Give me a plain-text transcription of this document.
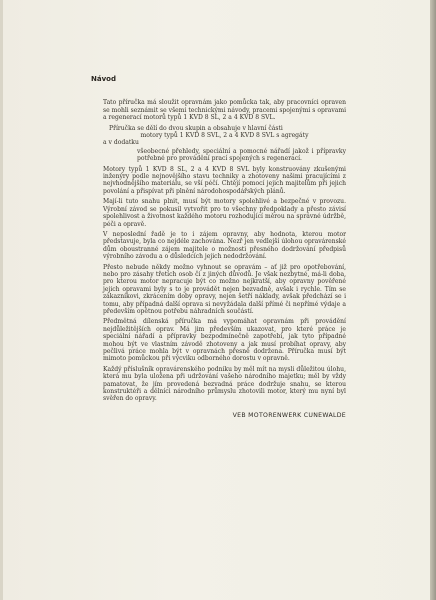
Návod

Tato příručka má sloužit opravnám jako pomůcka tak, aby pracovníci opraven se mohli seznámit se všemi technickými návody, pracemi spojenými s opravami a regenerací motorů typů 1 KVD 8 SL, 2 a 4 KVD 8 SVL.

Příručka se dělí do dvou skupin a obsahuje v hlavní části

motory typů 1 KVD 8 SVL, 2 a 4 KVD 8 SVL s agregáty

a v dodatku

všeobecné přehledy, speciální a pomocné nářadí jakož i přípravky potřebné pro provádění prací spojených s regenerací.

Motory typů 1 KVD 8 SL, 2 a 4 KVD 8 SVL byly konstruovány zkušenými inženýry podle nejnovějšího stavu techniky a zhotoveny našimi pracujícími z nejvhodnějšího materiálu, se vší péčí. Chtějí pomocí jejich majitelům při jejich povolání a přispívat při plnění národohospodářských plánů.

Mají-li tuto snahu plnit, musí být motory spolehlivé a bezpečné v provozu. Výrobní závod se pokusil vytvořit pro to všechny předpoklady a přesto závisí spolehlivost a životnost každého motoru rozhodující měrou na správné údržbě, péči a opravě.

V neposlední řadě je to i zájem opravny, aby hodnota, kterou motor představuje, byla co nejdéle zachována. Nezř jen vedlejší úlohou opravárenské dům oboustranné zájem majitele o možnosti přesného dodržování předpisů výrobního závodu a o důsledcích jejich nedodržování.

Přesto nebude někdy možno vyhnout se opravám – ať již pro opotřebování, nebo pro zásahy třetích osob či z jiných důvodů. Je však nezbytné, má-li doba, pro kterou motor nepracuje být co možno nejkratší, aby opravny pověřené jejich opravami byly s to je provádět nejen bezvadně, avšak i rychle. Tím se zákazníkovi, zkrácením doby opravy, nejen šetří náklady, avšak předchází se i tomu, aby případná další oprava si nevyžádala další přímé či nepřímé výdaje a především opětnou potřebu náhradních součástí.

Předmětná dílenská příručka má vypomáhat opravnám při provádění nejdůležitějších oprav. Má jim především ukazovat, pro které práce je speciální nářadí a přípravky bezpodmínečně zapotřebí, jak tyto případné mohou být ve vlastním závodě zhotoveny a jak musí probíhat opravy, aby pečlivá práce mohla být v opravnách přesně dodržena. Příručka musí být mimoto pomůckou při výcviku odborného dorostu v opravně.

Každý příslušník opravárenského podniku by měl mít na mysli důležitou úlohu, která mu byla uložena při udržování vašeho národního majetku; měl by vždy pamatovat, že jím provedená bezvadná práce dodržuje snahu, se kterou konstruktéři a dělníci národního průmyslu zhotovili motor, který mu nyní byl svěřen do opravy.

VEB MOTORENWERK CUNEWALDE
